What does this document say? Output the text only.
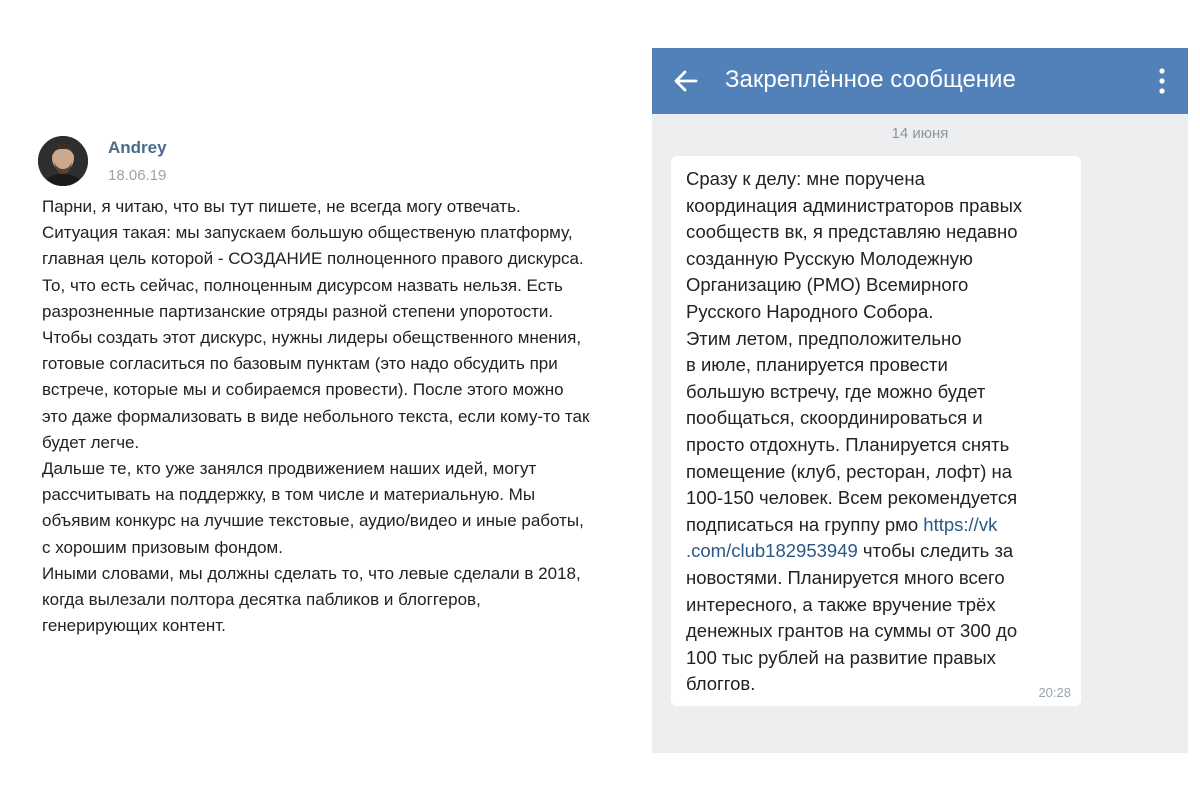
Andrey
18.06.19
Парни, я читаю, что вы тут пишете, не всегда могу отвечать.
Ситуация такая: мы запускаем большую общественую платформу,
главная цель которой - СОЗДАНИЕ полноценного правого дискурса.
То, что есть сейчас, полноценным дисурсом назвать нельзя. Есть
разрозненные партизанские отряды разной степени упоротости.
Чтобы создать этот дискурс, нужны лидеры обещственного мнения,
готовые согласиться по базовым пунктам (это надо обсудить при
встрече, которые мы и собираемся провести). После этого можно
это даже формализовать в виде небольного текста, если кому-то так
будет легче.
Дальше те, кто уже занялся продвижением наших идей, могут
рассчитывать на поддержку, в том числе и материальную. Мы
объявим конкурс на лучшие текстовые, аудио/видео и иные работы,
с хорошим призовым фондом.
Иными словами, мы должны сделать то, что левые сделали в 2018,
когда вылезали полтора десятка пабликов и блоггеров,
генерирующих контент.
Закреплённое сообщение
14 июня
Сразу к делу: мне поручена
координация администраторов правых
сообществ вк, я представляю недавно
созданную Русскую Молодежную
Организацию (РМО) Всемирного
Русского Народного Собора.
Этим летом, предположительно
в июле, планируется провести
большую встречу, где можно будет
пообщаться, скоординироваться и
просто отдохнуть. Планируется снять
помещение (клуб, ресторан, лофт) на
100-150 человек. Всем рекомендуется
подписаться на группу рмо https://vk
.com/club182953949 чтобы следить за
новостями. Планируется много всего
интересного, а также вручение трёх
денежных грантов на суммы от 300 до
100 тыс рублей на развитие правых
блоггов.	20:28
